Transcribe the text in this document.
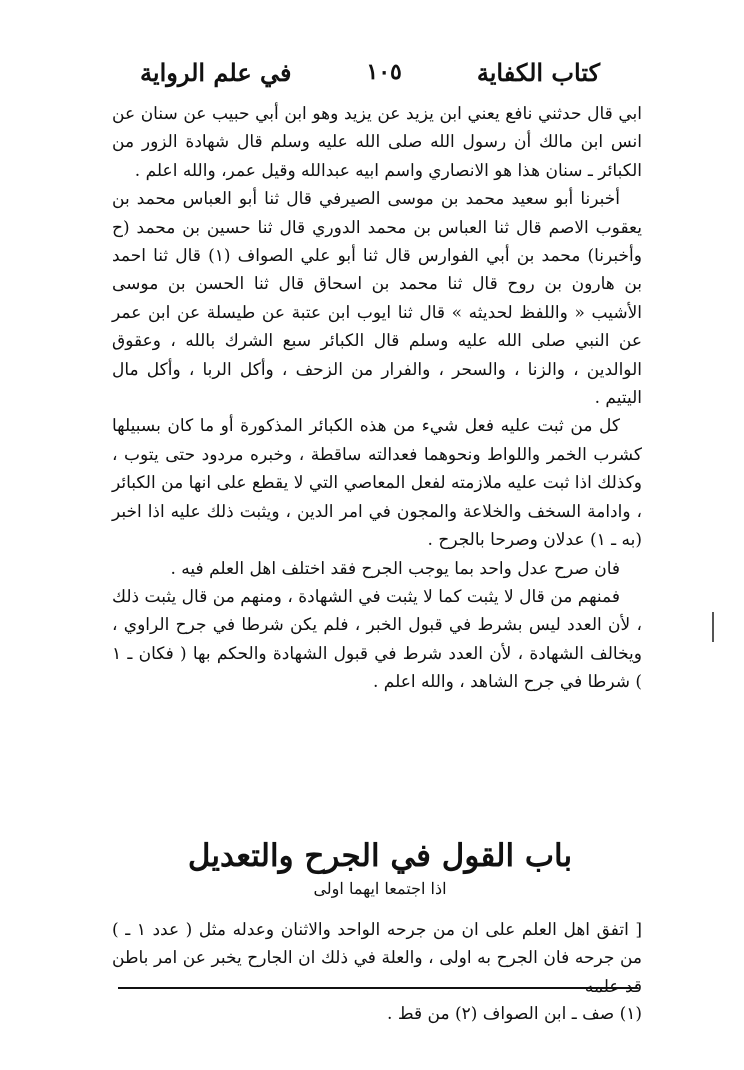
كتاب الكفاية
١٠٥
في علم الرواية

ابي قال حدثني نافع يعني ابن يزيد عن يزيد وهو ابن أبي حبيب عن سنان عن انس ابن مالك أن رسول الله صلى الله عليه وسلم قال شهادة الزور من الكبائر ـ سنان هذا هو الانصاري واسم ابيه عبدالله وقيل عمر، والله اعلم .

أخبرنا أبو سعيد محمد بن موسى الصيرفي قال ثنا أبو العباس محمد بن يعقوب الاصم قال ثنا العباس بن محمد الدوري قال ثنا حسين بن محمد (ح وأخبرنا) محمد بن أبي الفوارس قال ثنا أبو علي الصواف (١) قال ثنا احمد بن هارون بن روح قال ثنا محمد بن اسحاق قال ثنا الحسن بن موسى الأشيب « واللفظ لحديثه » قال ثنا ايوب ابن عتبة عن طيسلة عن ابن عمر عن النبي صلى الله عليه وسلم قال الكبائر سبع الشرك بالله ، وعقوق الوالدين ، والزنا ، والسحر ، والفرار من الزحف ، وأكل الربا ، وأكل مال اليتيم .

كل من ثبت عليه فعل شيء من هذه الكبائر المذكورة أو ما كان بسبيلها كشرب الخمر واللواط ونحوهما فعدالته ساقطة ، وخبره مردود حتى يتوب ، وكذلك اذا ثبت عليه ملازمته لفعل المعاصي التي لا يقطع على انها من الكبائر ، وادامة السخف والخلاعة والمجون في امر الدين ، ويثبت ذلك عليه اذا اخبر (به ـ ١) عدلان وصرحا بالجرح .

فان صرح عدل واحد بما يوجب الجرح فقد اختلف اهل العلم فيه .

فمنهم من قال لا يثبت كما لا يثبت في الشهادة ، ومنهم من قال يثبت ذلك ، لأن العدد ليس بشرط في قبول الخبر ، فلم يكن شرطا في جرح الراوي ، ويخالف الشهادة ، لأن العدد شرط في قبول الشهادة والحكم بها ( فكان ـ ١ ) شرطا في جرح الشاهد ، والله اعلم .

باب القول في الجرح والتعديل
اذا اجتمعا ايهما اولى

[ اتفق اهل العلم على ان من جرحه الواحد والاثنان وعدله مثل ( عدد ١ ـ ) من جرحه فان الجرح به اولى ، والعلة في ذلك ان الجارح يخبر عن امر باطن قد علمه

(١) صف ـ ابن الصواف (٢) من قط .
